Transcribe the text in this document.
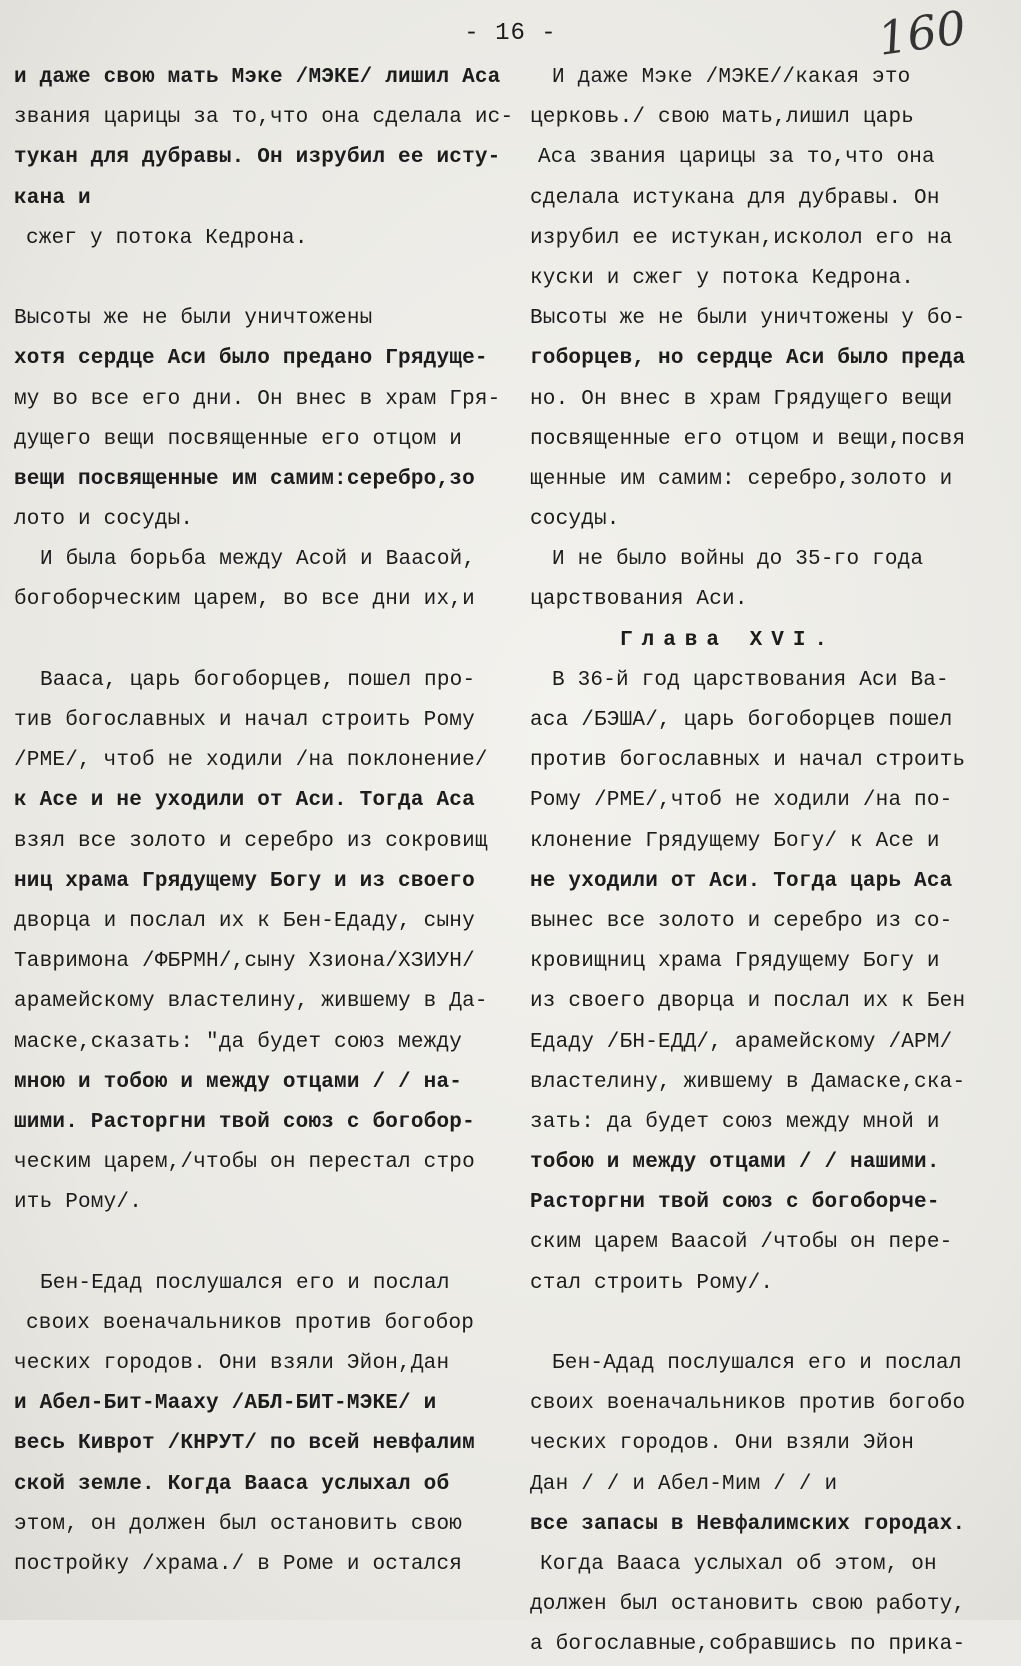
- 16 -	160
и даже свою мать Мэке /МЭКЕ/ лишил Аса
звания царицы за то,что она сделала ис-
тукан для дубравы. Он изрубил ее исту-
кана и
сжег у потока Кедрона.
Высоты же не были уничтожены
хотя сердце Аси было предано Грядуще-
му во все его дни. Он внес в храм Гря-
дущего вещи посвященные его отцом и
вещи посвященные им самим:серебро,зо
лото и сосуды.
И была борьба между Асой и Ваасой,
богоборческим царем, во все дни их,и
Вааса, царь богоборцев, пошел про-
тив богославных и начал строить Рому
/РМЕ/, чтоб не ходили /на поклонение/
к Асе и не уходили от Аси. Тогда Аса
взял все золото и серебро из сокровищ
ниц храма Грядущему Богу и из своего
дворца и послал их к Бен-Едаду, сыну
Тавримона /ФБРМН/,сыну Хзиона/ХЗИУН/
арамейскому властелину, жившему в Да-
маске,сказать: "да будет союз между
мною и тобою и между отцами / / на-
шими. Расторгни твой союз с богобор-
ческим царем,/чтобы он перестал стро
ить Рому/.
Бен-Едад послушался его и послал
своих военачальников против богобор
ческих городов. Они взяли Эйон,Дан
и Абел-Бит-Мааху /АБЛ-БИТ-МЭКЕ/ и
весь Киврот /КНРУТ/ по всей невфалим
ской земле. Когда Вааса услыхал об
этом, он должен был остановить свою
постройку /храма./ в Роме и остался
И даже Мэке /МЭКЕ//какая это
церковь./ свою мать,лишил царь
Аса звания царицы за то,что она
сделала истукана для дубравы. Он
изрубил ее истукан,исколол его на
куски и сжег у потока Кедрона.
Высоты же не были уничтожены у бо-
гоборцев, но сердце Аси было преда
но. Он внес в храм Грядущего вещи
посвященные его отцом и вещи,посвя
щенные им самим: серебро,золото и
сосуды.
И не было войны до 35-го года
царствования Аси.
Глава XVI.
В 36-й год царствования Аси Ва-
аса /БЭША/, царь богоборцев пошел
против богославных и начал строить
Рому /РМЕ/,чтоб не ходили /на по-
клонение Грядущему Богу/ к Асе и
не уходили от Аси. Тогда царь Аса
вынес все золото и серебро из со-
кровищниц храма Грядущему Богу и
из своего дворца и послал их к Бен
Едаду /БН-ЕДД/, арамейскому /АРМ/
властелину, жившему в Дамаске,ска-
зать: да будет союз между мной и
тобою и между отцами / / нашими.
Расторгни твой союз с богоборче-
ским царем Ваасой /чтобы он пере-
стал строить Рому/.
Бен-Адад послушался его и послал
своих военачальников против богобо
ческих городов. Они взяли Эйон
Дан / / и Абел-Мим / / и
все запасы в Невфалимских городах.
Когда Вааса услыхал об этом, он
должен был остановить свою работу,
а богославные,собравшись по прика-
